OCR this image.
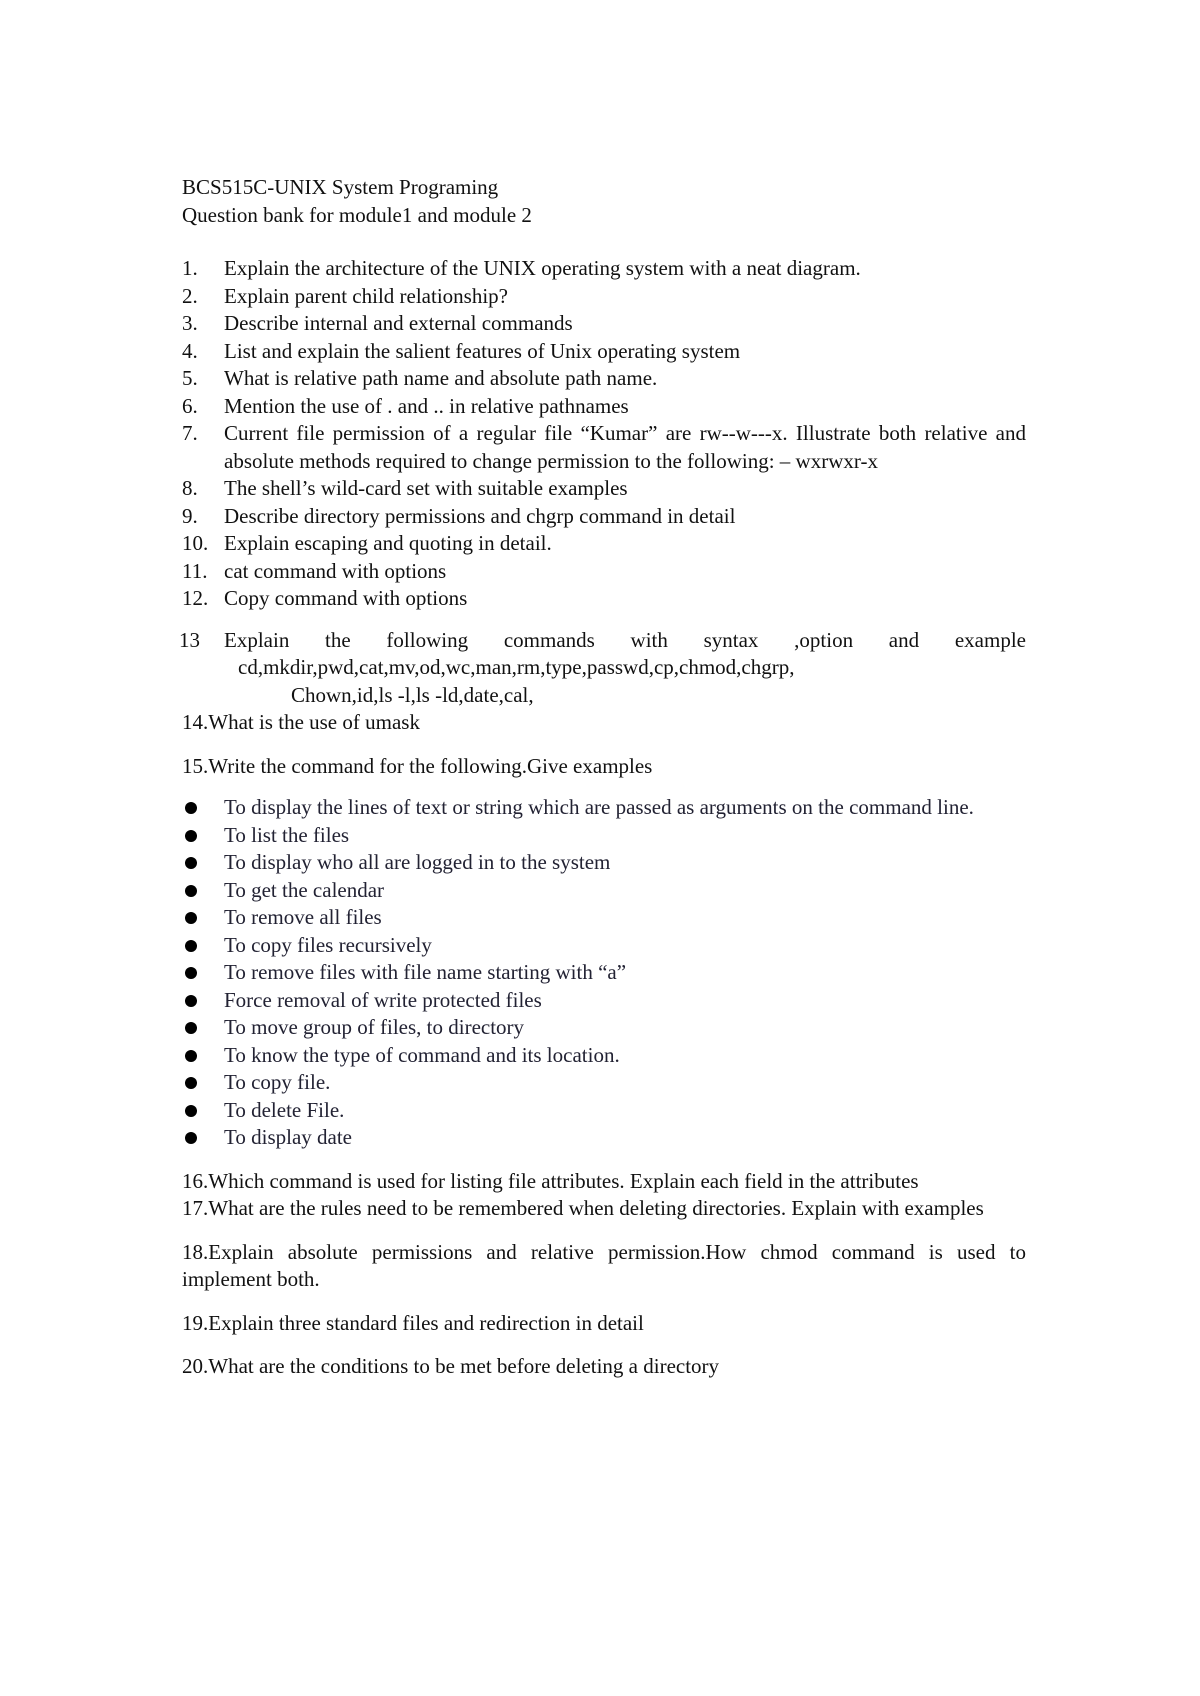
BCS515C-UNIX System Programing
Question bank for module1 and module 2
1. Explain the architecture of the UNIX operating system with a neat diagram.
2. Explain parent child relationship?
3. Describe internal and external commands
4. List and explain the salient features of Unix operating system
5. What is relative path name and absolute path name.
6. Mention the use of . and .. in relative pathnames
7. Current file permission of a regular file “Kumar” are rw--w---x. Illustrate both relative and absolute methods required to change permission to the following: – wxrwxr-x
8. The shell’s wild-card set with suitable examples
9. Describe directory permissions and chgrp command in detail
10. Explain escaping and quoting in detail.
11. cat command with options
12. Copy command with options
13 Explain the following commands with syntax ,option and example
cd,mkdir,pwd,cat,mv,od,wc,man,rm,type,passwd,cp,chmod,chgrp,
Chown,id,ls -l,ls -ld,date,cal,
14.What is the use of umask
15.Write the command for the following.Give examples
To display the lines of text or string which are passed as arguments on the command line.
To list the files
To display who all are logged in to the system
To get the calendar
To remove all files
To copy files recursively
To remove files with file name starting with “a”
Force removal of write protected files
To move group of files, to directory
To know the type of command and its location.
To copy file.
To delete File.
To display date
16.Which command is used for listing file attributes. Explain each field in the attributes
17.What are the rules need to be remembered when deleting directories. Explain with examples
18.Explain absolute permissions and relative permission.How chmod command is used to implement both.
19.Explain three standard files and redirection in detail
20.What are the conditions to be met before deleting a directory
